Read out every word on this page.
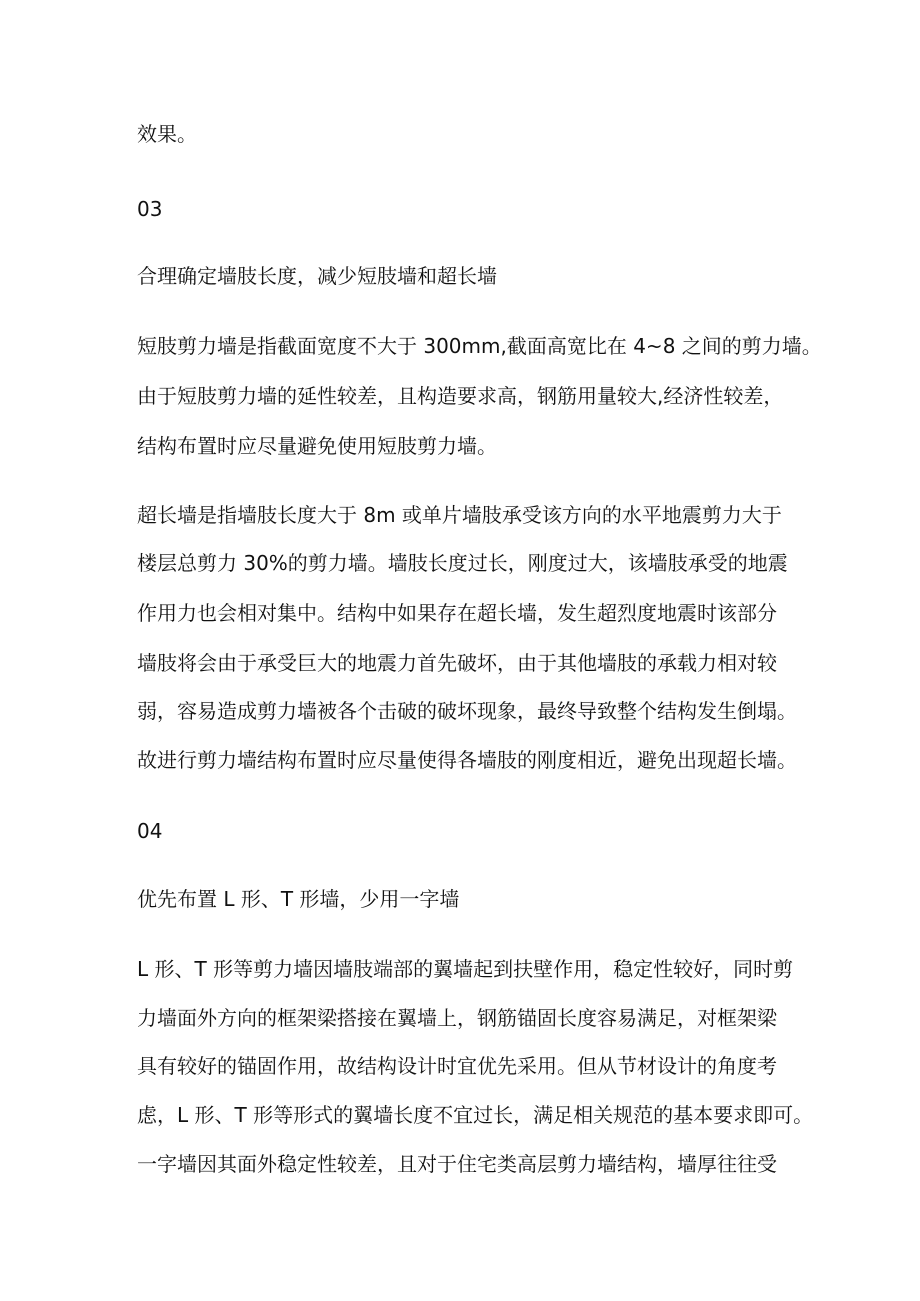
效果。
03
合理确定墙肢长度，减少短肢墙和超长墙
短肢剪力墙是指截面宽度不大于 300mm,截面高宽比在 4~8 之间的剪力墙。
由于短肢剪力墙的延性较差，且构造要求高，钢筋用量较大,经济性较差，
结构布置时应尽量避免使用短肢剪力墙。
超长墙是指墙肢长度大于 8m 或单片墙肢承受该方向的水平地震剪力大于
楼层总剪力 30%的剪力墙。墙肢长度过长，刚度过大，该墙肢承受的地震
作用力也会相对集中。结构中如果存在超长墙，发生超烈度地震时该部分
墙肢将会由于承受巨大的地震力首先破坏，由于其他墙肢的承载力相对较
弱，容易造成剪力墙被各个击破的破坏现象，最终导致整个结构发生倒塌。
故进行剪力墙结构布置时应尽量使得各墙肢的刚度相近，避免出现超长墙。
04
优先布置 L 形、T 形墙，少用一字墙
L 形、T 形等剪力墙因墙肢端部的翼墙起到扶壁作用，稳定性较好，同时剪
力墙面外方向的框架梁搭接在翼墙上，钢筋锚固长度容易满足，对框架梁
具有较好的锚固作用，故结构设计时宜优先采用。但从节材设计的角度考
虑，L 形、T 形等形式的翼墙长度不宜过长，满足相关规范的基本要求即可。
一字墙因其面外稳定性较差，且对于住宅类高层剪力墙结构，墙厚往往受
